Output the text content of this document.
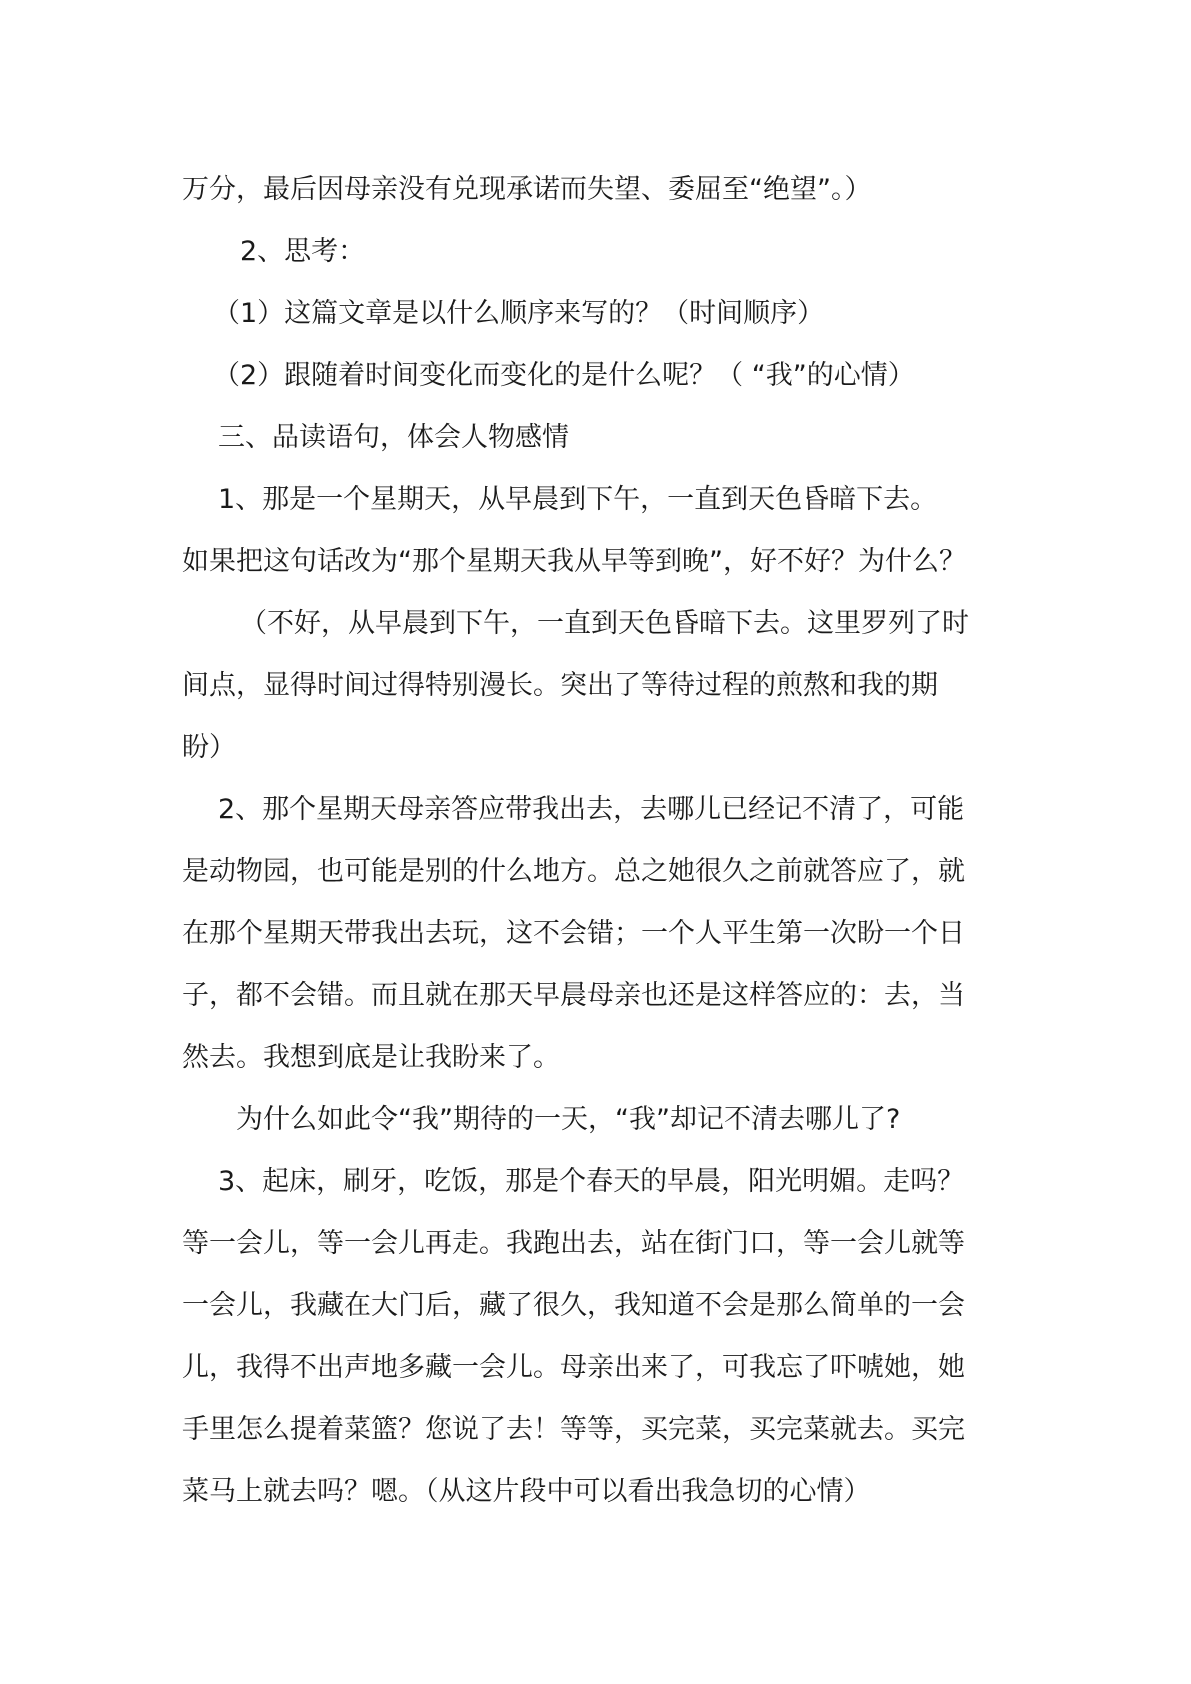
万分，最后因母亲没有兑现承诺而失望、委屈至“绝望”。）
2、思考：
（1）这篇文章是以什么顺序来写的？（时间顺序）
（2）跟随着时间变化而变化的是什么呢？（ “我”的心情）
三、品读语句，体会人物感情
1、那是一个星期天，从早晨到下午，一直到天色昏暗下去。
如果把这句话改为“那个星期天我从早等到晚”，好不好？为什么？
（不好，从早晨到下午，一直到天色昏暗下去。这里罗列了时
间点，显得时间过得特别漫长。突出了等待过程的煎熬和我的期
盼）
2、那个星期天母亲答应带我出去，去哪儿已经记不清了，可能
是动物园，也可能是别的什么地方。总之她很久之前就答应了，就
在那个星期天带我出去玩，这不会错；一个人平生第一次盼一个日
子，都不会错。而且就在那天早晨母亲也还是这样答应的：去，当
然去。我想到底是让我盼来了。
为什么如此令“我”期待的一天，“我”却记不清去哪儿了?
3、起床，刷牙，吃饭，那是个春天的早晨，阳光明媚。走吗？
等一会儿，等一会儿再走。我跑出去，站在街门口，等一会儿就等
一会儿，我藏在大门后，藏了很久，我知道不会是那么简单的一会
儿，我得不出声地多藏一会儿。母亲出来了，可我忘了吓唬她，她
手里怎么提着菜篮？您说了去！等等，买完菜，买完菜就去。买完
菜马上就去吗？嗯。（从这片段中可以看出我急切的心情）
